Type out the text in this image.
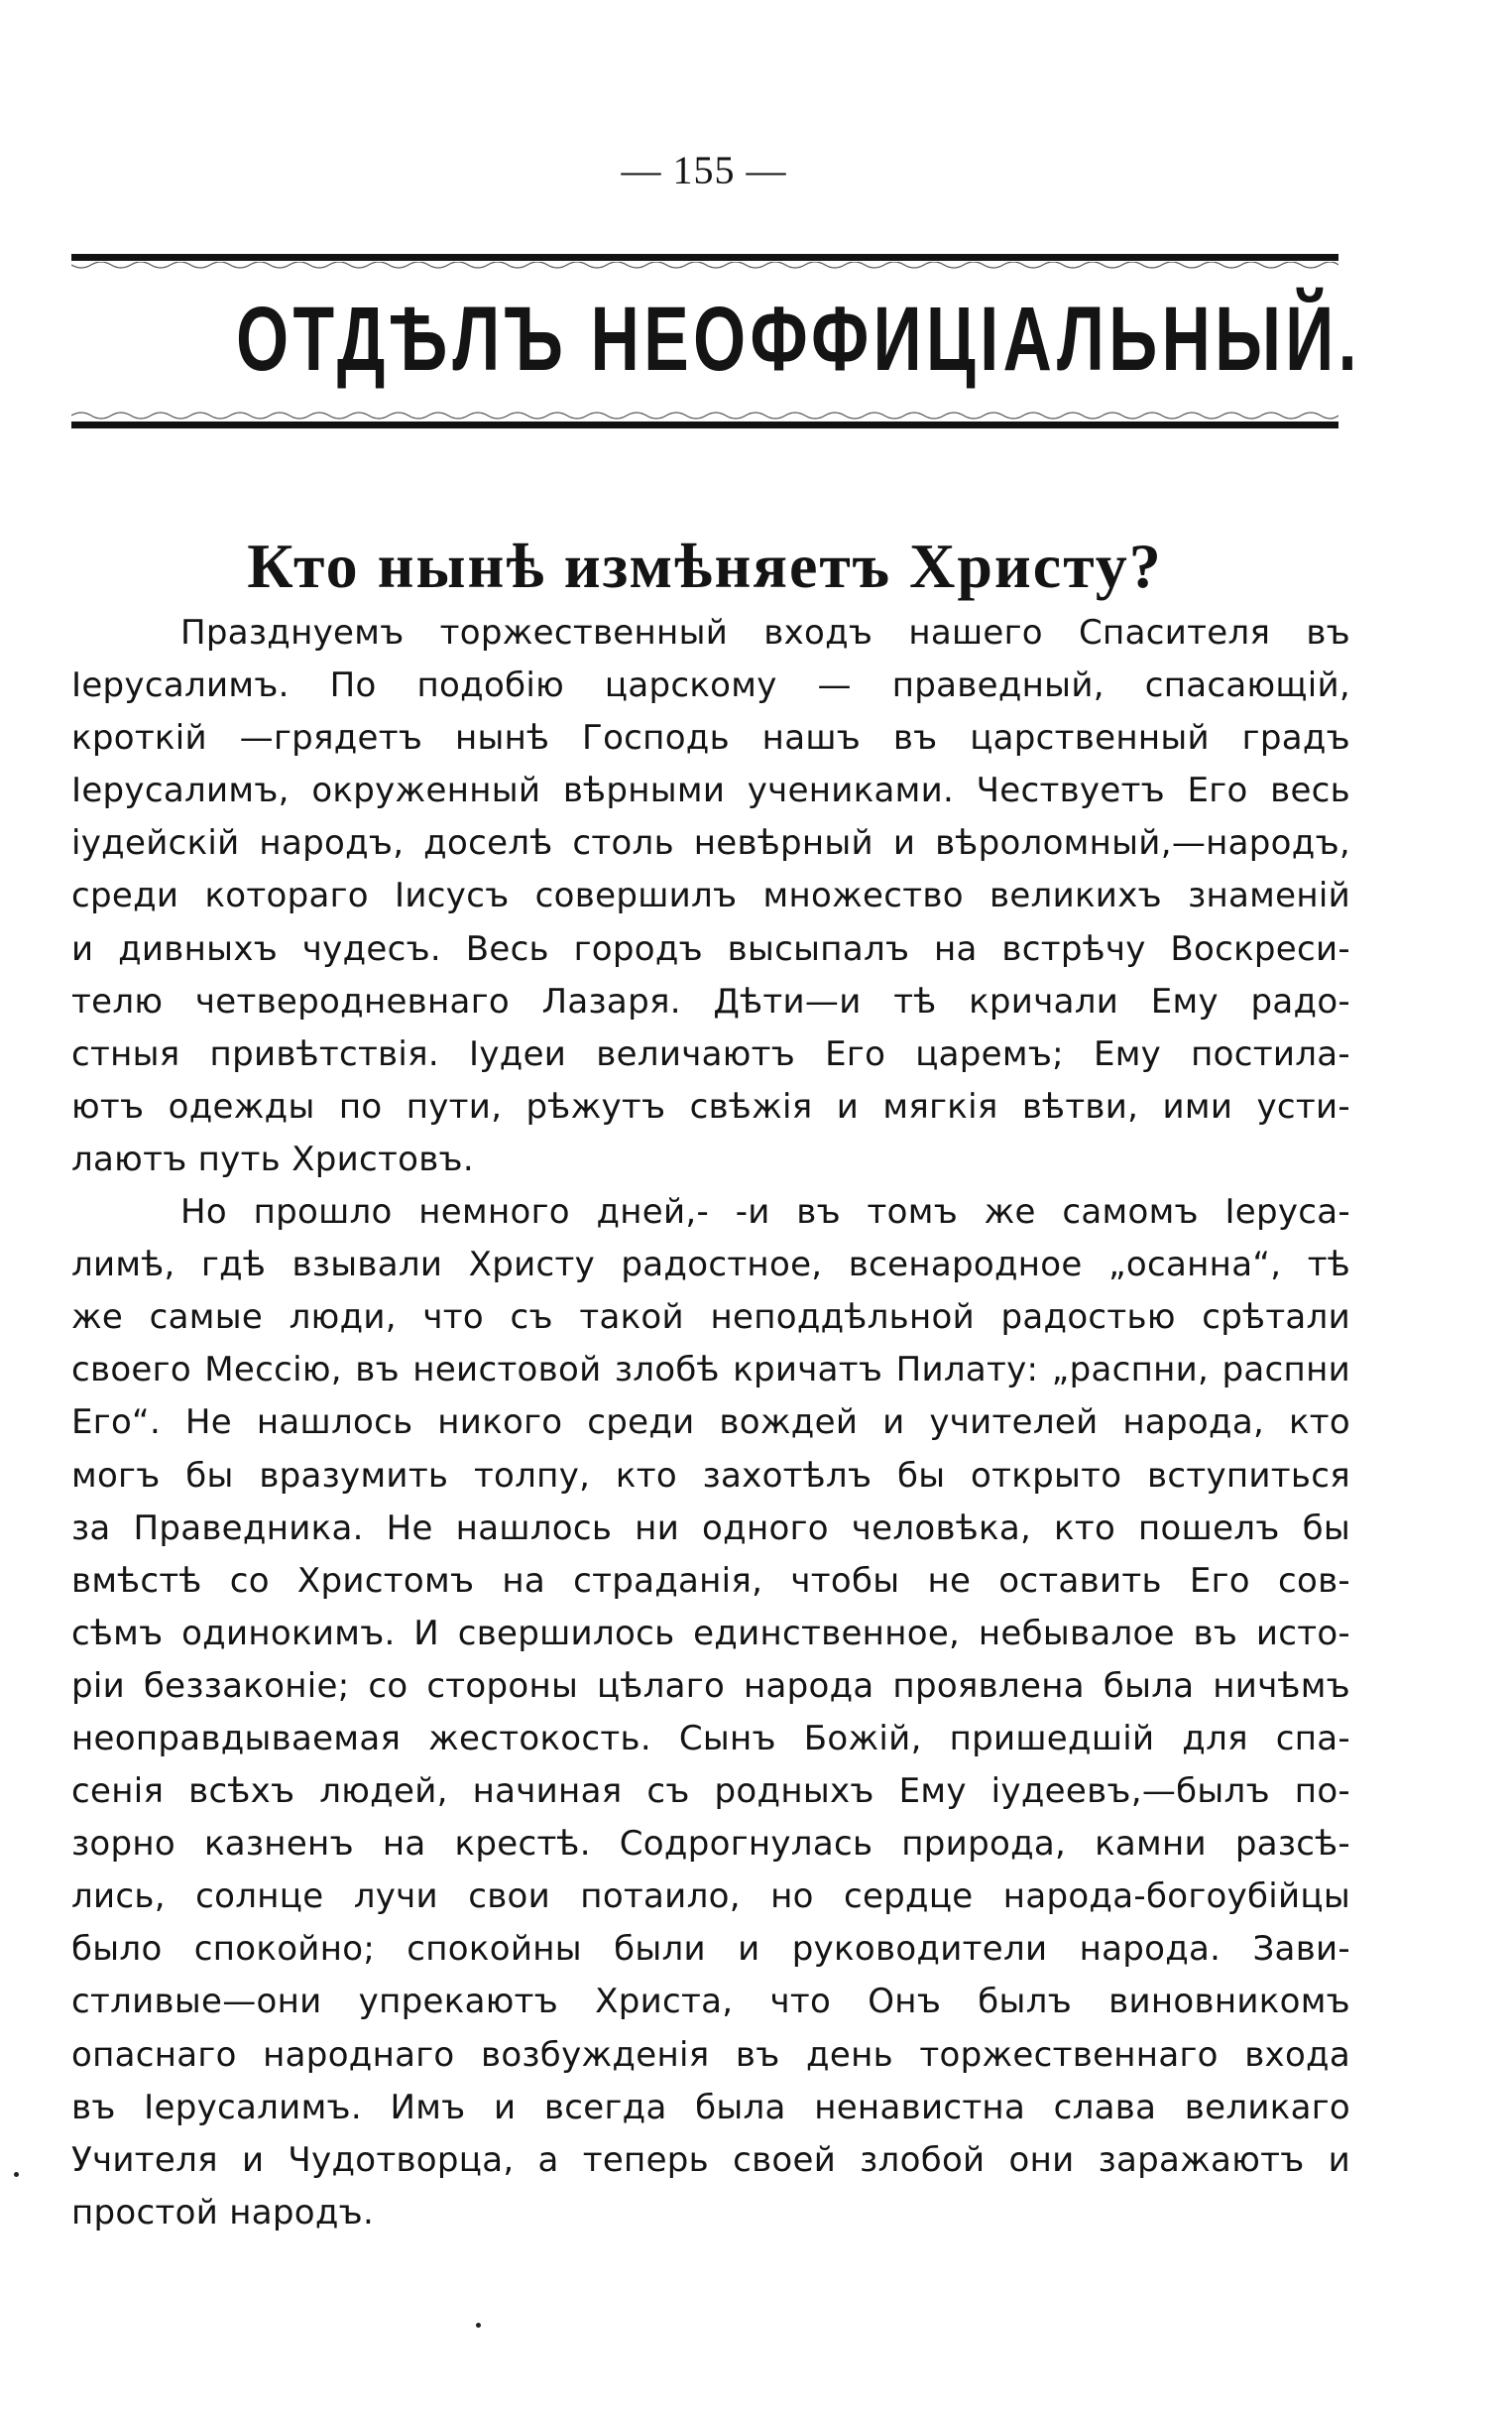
— 155 —
ОТДѢЛЪ НЕОФФИЦІАЛЬНЫЙ.
Кто нынѣ измѣняетъ Христу?
Празднуемъ торжественный входъ нашего Спасителя въ
Іерусалимъ. По подобію царскому — праведный, спасающій,
кроткій —грядетъ нынѣ Господь нашъ въ царственный градъ
Іерусалимъ, окруженный вѣрными учениками. Чествуетъ Его весь
іудейскій народъ, доселѣ столь невѣрный и вѣроломный,—народъ,
среди котораго Іисусъ совершилъ множество великихъ знаменій
и дивныхъ чудесъ. Весь городъ высыпалъ на встрѣчу Воскреси-
телю четверодневнаго Лазаря. Дѣти—и тѣ кричали Ему радо-
стныя привѣтствія. Іудеи величаютъ Его царемъ; Ему постила-
ютъ одежды по пути, рѣжутъ свѣжія и мягкія вѣтви, ими усти-
лаютъ путь Христовъ.
Но прошло немного дней,- -и въ томъ же самомъ Іеруса-
лимѣ, гдѣ взывали Христу радостное, всенародное „осанна“, тѣ
же самые люди, что съ такой неподдѣльной радостью срѣтали
своего Мессію, въ неистовой злобѣ кричатъ Пилату: „распни, распни
Его“. Не нашлось никого среди вождей и учителей народа, кто
могъ бы вразумить толпу, кто захотѣлъ бы открыто вступиться
за Праведника. Не нашлось ни одного человѣка, кто пошелъ бы
вмѣстѣ со Христомъ на страданія, чтобы не оставить Его сов-
сѣмъ одинокимъ. И свершилось единственное, небывалое въ исто-
ріи беззаконіе; со стороны цѣлаго народа проявлена была ничѣмъ
неоправдываемая жестокость. Сынъ Божій, пришедшій для спа-
сенія всѣхъ людей, начиная съ родныхъ Ему іудеевъ,—былъ по-
зорно казненъ на крестѣ. Содрогнулась природа, камни разсѣ-
лись, солнце лучи свои потаило, но сердце народа-богоубійцы
было спокойно; спокойны были и руководители народа. Зави-
стливые—они упрекаютъ Христа, что Онъ былъ виновникомъ
опаснаго народнаго возбужденія въ день торжественнаго входа
въ Іерусалимъ. Имъ и всегда была ненавистна слава великаго
Учителя и Чудотворца, а теперь своей злобой они заражаютъ и
простой народъ.
